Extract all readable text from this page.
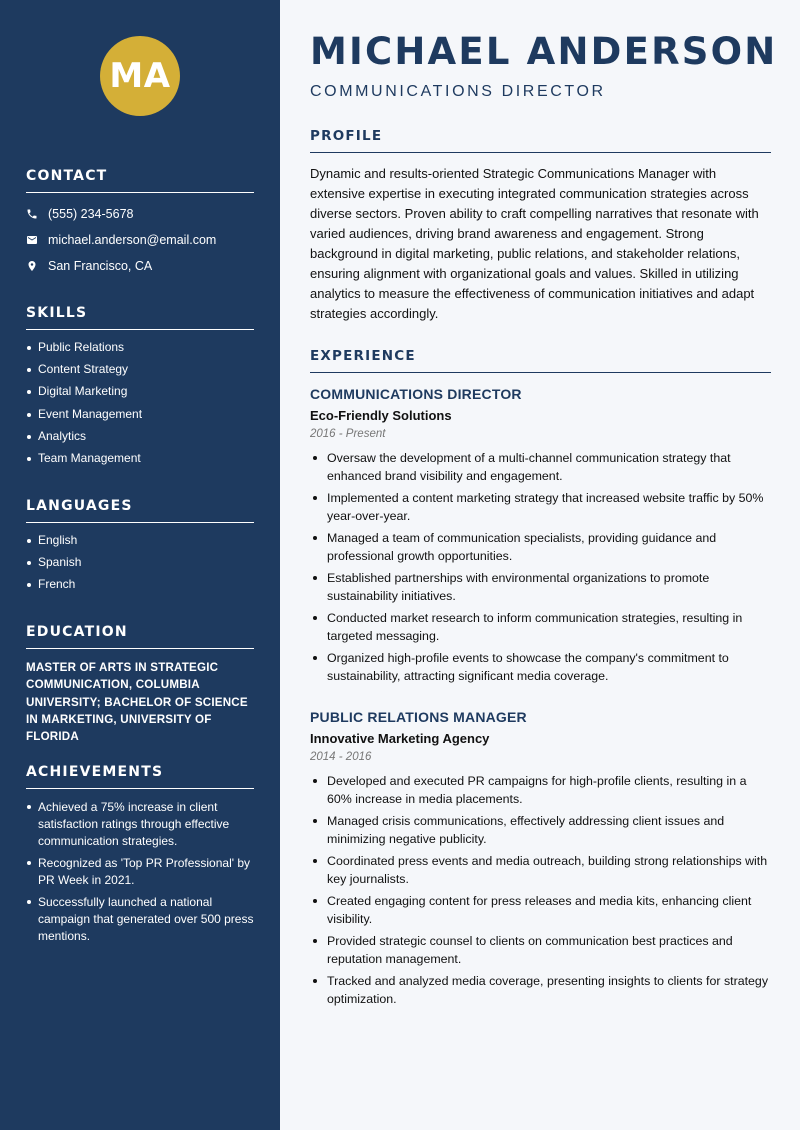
MA
CONTACT
(555) 234-5678
michael.anderson@email.com
San Francisco, CA
SKILLS
Public Relations
Content Strategy
Digital Marketing
Event Management
Analytics
Team Management
LANGUAGES
English
Spanish
French
EDUCATION
MASTER OF ARTS IN STRATEGIC COMMUNICATION, COLUMBIA UNIVERSITY; BACHELOR OF SCIENCE IN MARKETING, UNIVERSITY OF FLORIDA
ACHIEVEMENTS
Achieved a 75% increase in client satisfaction ratings through effective communication strategies.
Recognized as 'Top PR Professional' by PR Week in 2021.
Successfully launched a national campaign that generated over 500 press mentions.
MICHAEL ANDERSON
COMMUNICATIONS DIRECTOR
PROFILE

Dynamic and results-oriented Strategic Communications Manager with extensive expertise in executing integrated communication strategies across diverse sectors. Proven ability to craft compelling narratives that resonate with varied audiences, driving brand awareness and engagement. Strong background in digital marketing, public relations, and stakeholder relations, ensuring alignment with organizational goals and values. Skilled in utilizing analytics to measure the effectiveness of communication initiatives and adapt strategies accordingly.

EXPERIENCE
COMMUNICATIONS DIRECTOR
Eco-Friendly Solutions
2016 - Present
Oversaw the development of a multi-channel communication strategy that enhanced brand visibility and engagement.
Implemented a content marketing strategy that increased website traffic by 50% year-over-year.
Managed a team of communication specialists, providing guidance and professional growth opportunities.
Established partnerships with environmental organizations to promote sustainability initiatives.
Conducted market research to inform communication strategies, resulting in targeted messaging.
Organized high-profile events to showcase the company's commitment to sustainability, attracting significant media coverage.
PUBLIC RELATIONS MANAGER
Innovative Marketing Agency
2014 - 2016
Developed and executed PR campaigns for high-profile clients, resulting in a 60% increase in media placements.
Managed crisis communications, effectively addressing client issues and minimizing negative publicity.
Coordinated press events and media outreach, building strong relationships with key journalists.
Created engaging content for press releases and media kits, enhancing client visibility.
Provided strategic counsel to clients on communication best practices and reputation management.
Tracked and analyzed media coverage, presenting insights to clients for strategy optimization.
